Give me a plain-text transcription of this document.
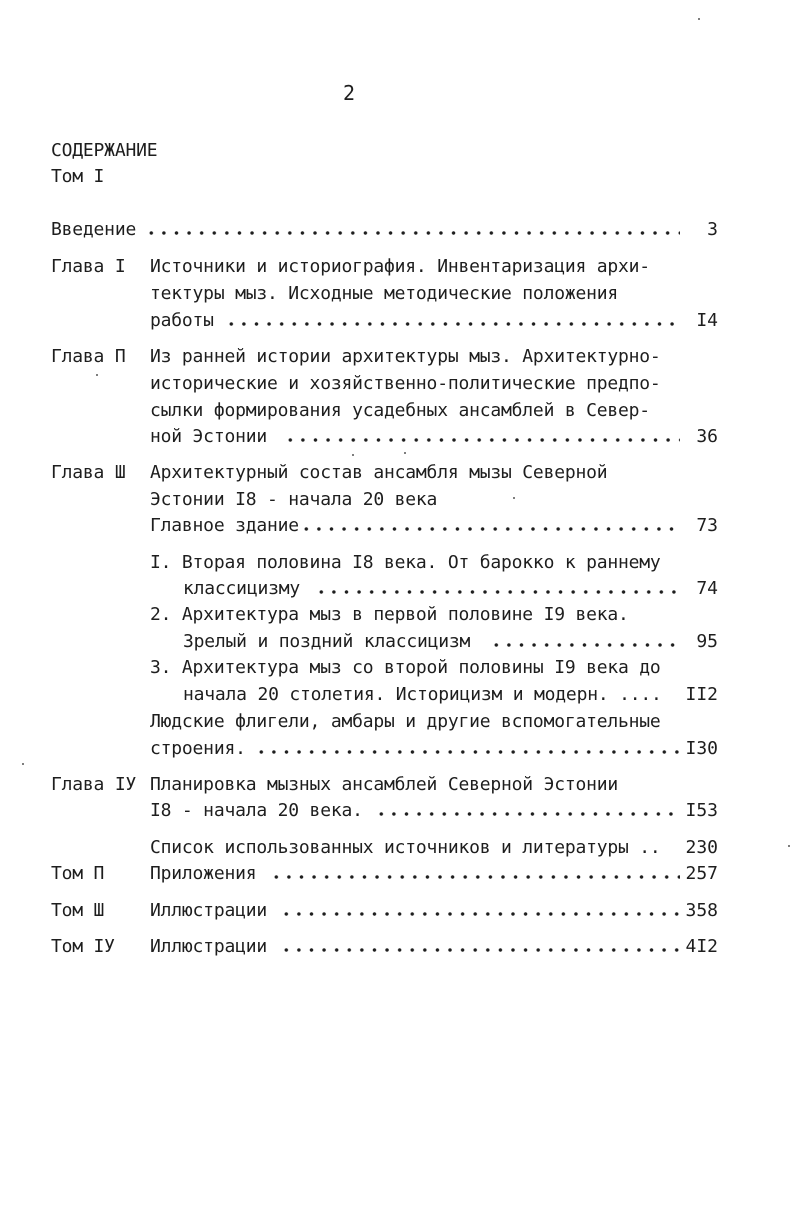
2
СОДЕРЖАНИЕ
Том I
Введение	3
Глава I Источники и историография. Инвентаризация архи-
тектуры мыз. Исходные методические положения
работы	I4
Глава П Из ранней истории архитектуры мыз. Архитектурно-
исторические и хозяйственно-политические предпо-
сылки формирования усадебных ансамблей в Север-
ной Эстонии	36
Глава Ш Архитектурный состав ансамбля мызы Северной
Эстонии I8 - начала 20 века
Главное здание	73
I. Вторая половина I8 века. От барокко к раннему
классицизму	74
2. Архитектура мыз в первой половине I9 века.
Зрелый и поздний классицизм	95
3. Архитектура мыз со второй половины I9 века до
начала 20 столетия. Историцизм и модерн. ....	II2
Людские флигели, амбары и другие вспомогательные
строения.	I30
Глава IУ Планировка мызных ансамблей Северной Эстонии
I8 - начала 20 века.	I53
Список использованных источников и литературы ..	230
Том П	Приложения	257
Том Ш	Иллюстрации	358
Том IУ Иллюстрации	4I2
